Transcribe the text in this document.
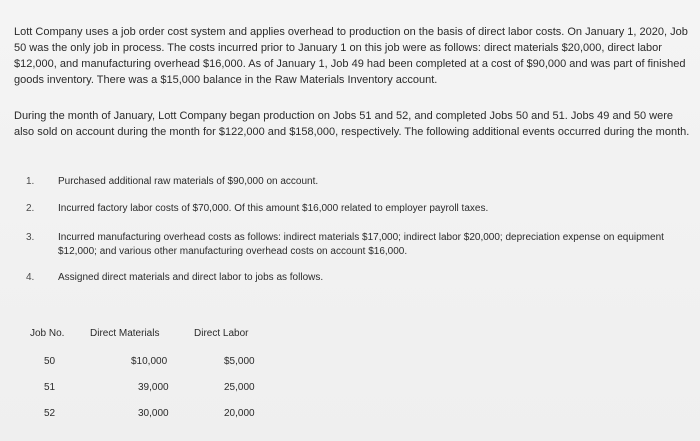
Lott Company uses a job order cost system and applies overhead to production on the basis of direct labor costs. On January 1, 2020, Job 50 was the only job in process. The costs incurred prior to January 1 on this job were as follows: direct materials $20,000, direct labor $12,000, and manufacturing overhead $16,000. As of January 1, Job 49 had been completed at a cost of $90,000 and was part of finished goods inventory. There was a $15,000 balance in the Raw Materials Inventory account.

During the month of January, Lott Company began production on Jobs 51 and 52, and completed Jobs 50 and 51. Jobs 49 and 50 were also sold on account during the month for $122,000 and $158,000, respectively. The following additional events occurred during the month.

1.	Purchased additional raw materials of $90,000 on account.
2.	Incurred factory labor costs of $70,000. Of this amount $16,000 related to employer payroll taxes.
3.	Incurred manufacturing overhead costs as follows: indirect materials $17,000; indirect labor $20,000; depreciation expense on equipment $12,000; and various other manufacturing overhead costs on account $16,000.
4.	Assigned direct materials and direct labor to jobs as follows.
Job No.	Direct Materials	Direct Labor
50	$10,000	$5,000
51	39,000	25,000
52	30,000	20,000
